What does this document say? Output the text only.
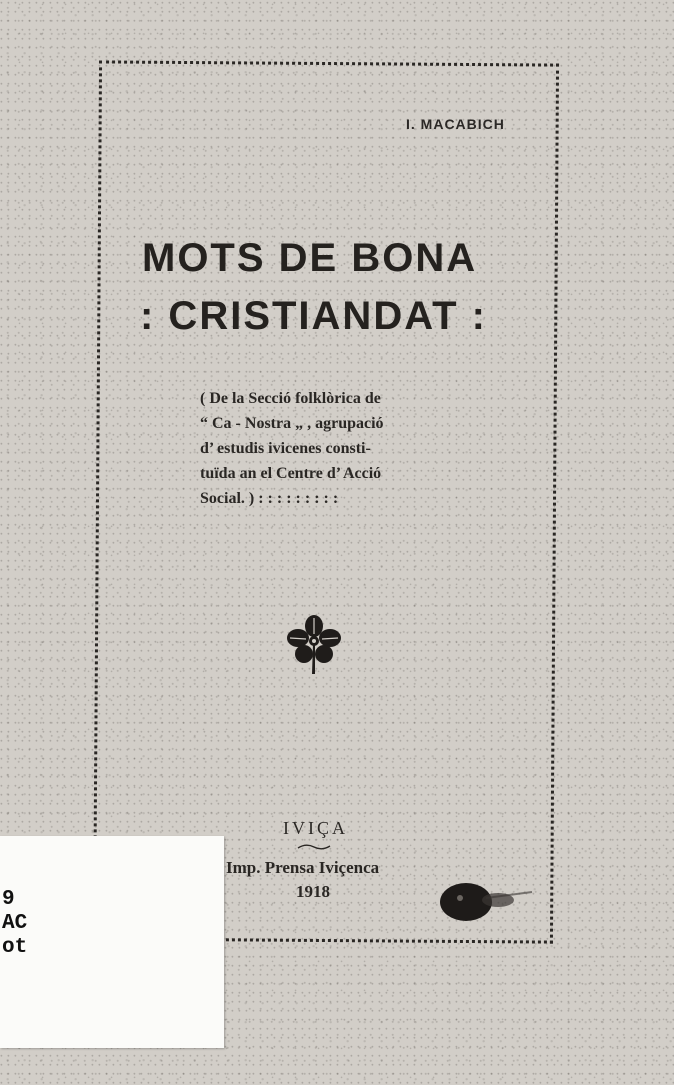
I. MACABICH
MOTS DE BONA
: CRISTIANDAT :
( De la Secció folklòrica de
“ Ca - Nostra „ , agrupació
d’ estudis ivicenes consti-
tuïda an el Centre d’ Acció
Social. ) : : : : : : : : :
IVIÇA
Imp. Prensa Iviçenca
1918
9
AC
ot
